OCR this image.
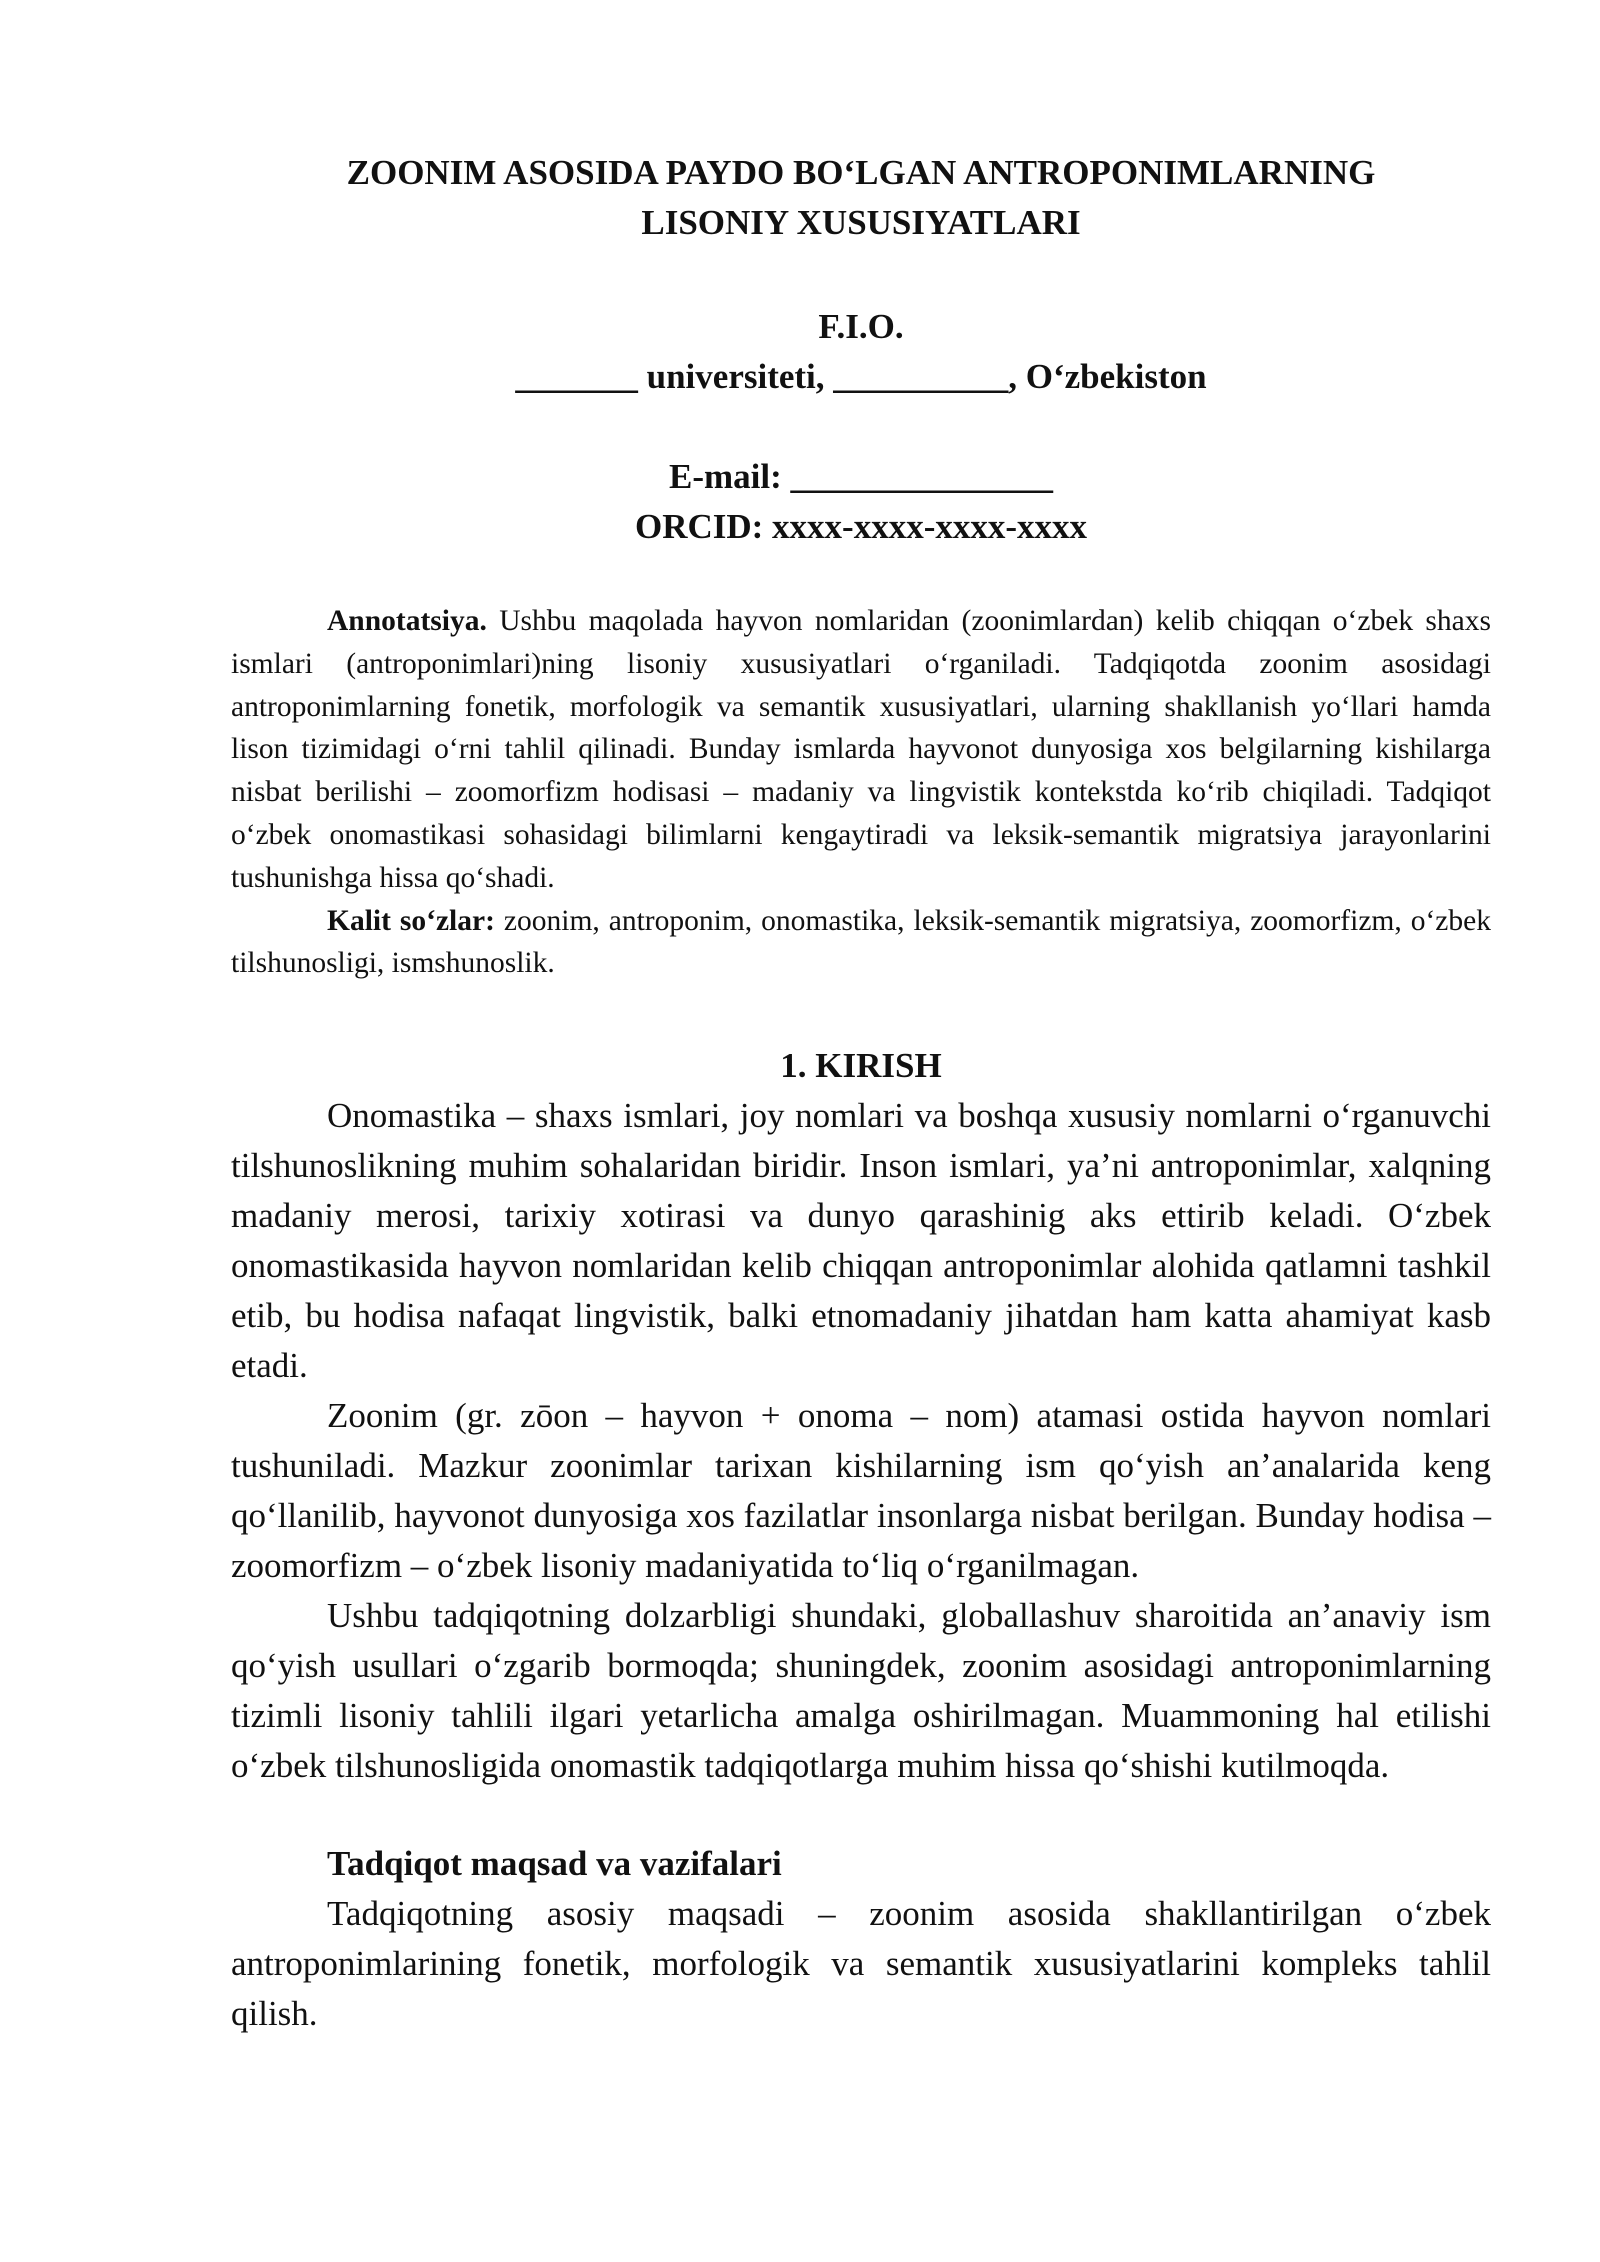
ZOONIM ASOSIDA PAYDO BO‘LGAN ANTROPONIMLARNING
LISONIY XUSUSIYATLARI
F.I.O.
_______ universiteti, __________, O‘zbekiston
E-mail: _______________
ORCID: xxxx-xxxx-xxxx-xxxx

Annotatsiya. Ushbu maqolada hayvon nomlaridan (zoonimlardan) kelib chiqqan o‘zbek shaxs ismlari (antroponimlari)ning lisoniy xususiyatlari o‘rganiladi. Tadqiqotda zoonim asosidagi antroponimlarning fonetik, morfologik va semantik xususiyatlari, ularning shakllanish yo‘llari hamda lison tizimidagi o‘rni tahlil qilinadi. Bunday ismlarda hayvonot dunyosiga xos belgilarning kishilarga nisbat berilishi – zoomorfizm hodisasi – madaniy va lingvistik kontekstda ko‘rib chiqiladi. Tadqiqot o‘zbek onomastikasi sohasidagi bilimlarni kengaytiradi va leksik-semantik migratsiya jarayonlarini tushunishga hissa qo‘shadi.

Kalit so‘zlar: zoonim, antroponim, onomastika, leksik-semantik migratsiya, zoomorfizm, o‘zbek tilshunosligi, ismshunoslik.

1. KIRISH

Onomastika – shaxs ismlari, joy nomlari va boshqa xususiy nomlarni o‘rganuvchi tilshunoslikning muhim sohalaridan biridir. Inson ismlari, ya’ni antroponimlar, xalqning madaniy merosi, tarixiy xotirasi va dunyo qarashinig aks ettirib keladi. O‘zbek onomastikasida hayvon nomlaridan kelib chiqqan antroponimlar alohida qatlamni tashkil etib, bu hodisa nafaqat lingvistik, balki etnomadaniy jihatdan ham katta ahamiyat kasb etadi.

Zoonim (gr. zōon – hayvon + onoma – nom) atamasi ostida hayvon nomlari tushuniladi. Mazkur zoonimlar tarixan kishilarning ism qo‘yish an’analarida keng qo‘llanilib, hayvonot dunyosiga xos fazilatlar insonlarga nisbat berilgan. Bunday hodisa – zoomorfizm – o‘zbek lisoniy madaniyatida to‘liq o‘rganilmagan.

Ushbu tadqiqotning dolzarbligi shundaki, globallashuv sharoitida an’anaviy ism qo‘yish usullari o‘zgarib bormoqda; shuningdek, zoonim asosidagi antroponimlarning tizimli lisoniy tahlili ilgari yetarlicha amalga oshirilmagan. Muammoning hal etilishi o‘zbek tilshunosligida onomastik tadqiqotlarga muhim hissa qo‘shishi kutilmoqda.

Tadqiqot maqsad va vazifalari

Tadqiqotning asosiy maqsadi – zoonim asosida shakllantirilgan o‘zbek antroponimlarining fonetik, morfologik va semantik xususiyatlarini kompleks tahlil qilish.
